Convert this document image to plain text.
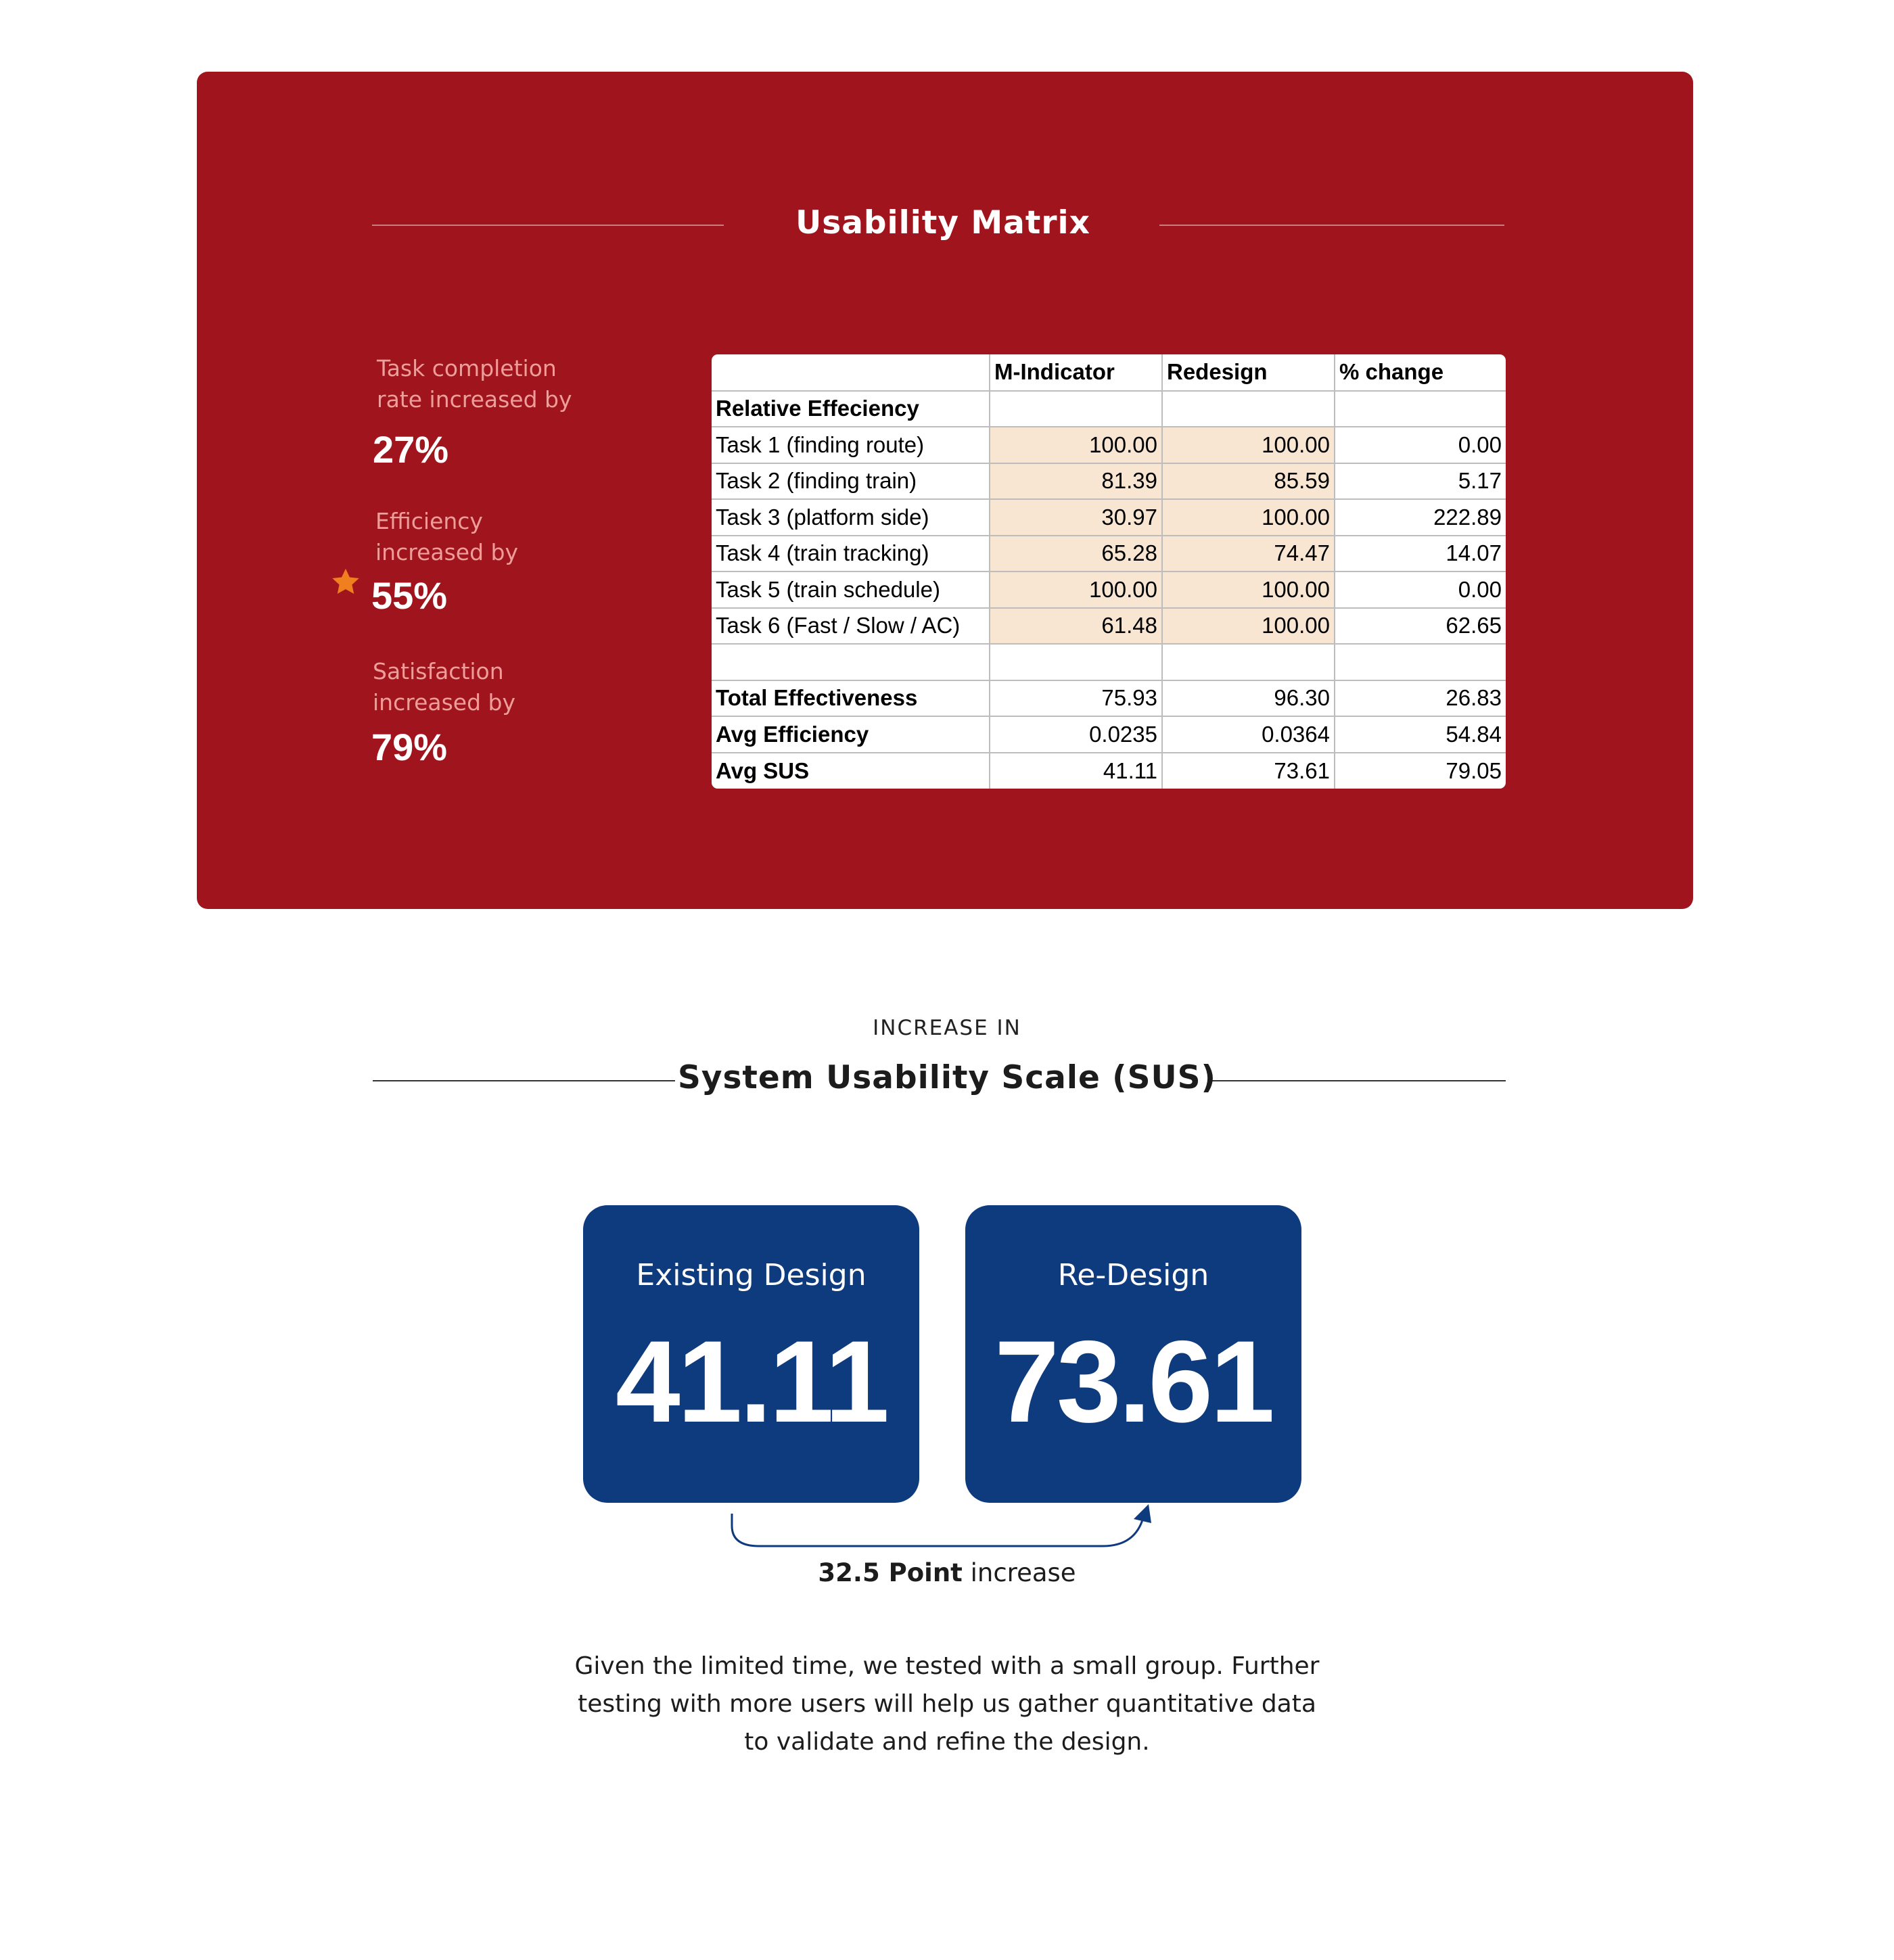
Usability Matrix
Task completion
rate increased by
27%
Efficiency
increased by
55%
Satisfaction
increased by
79%
	M-Indicator	Redesign	% change
Relative Effeciency			
Task 1 (finding route)	100.00	100.00	0.00
Task 2 (finding train)	81.39	85.59	5.17
Task 3 (platform side)	30.97	100.00	222.89
Task 4 (train tracking)	65.28	74.47	14.07
Task 5 (train schedule)	100.00	100.00	0.00
Task 6 (Fast / Slow / AC)	61.48	100.00	62.65

Total Effectiveness	75.93	96.30	26.83
Avg Efficiency	0.0235	0.0364	54.84
Avg SUS	41.11	73.61	79.05
INCREASE IN
System Usability Scale (SUS)
Existing Design
41.11
Re-Design
73.61
32.5 Point increase
Given the limited time, we tested with a small group. Further
testing with more users will help us gather quantitative data
to validate and refine the design.
